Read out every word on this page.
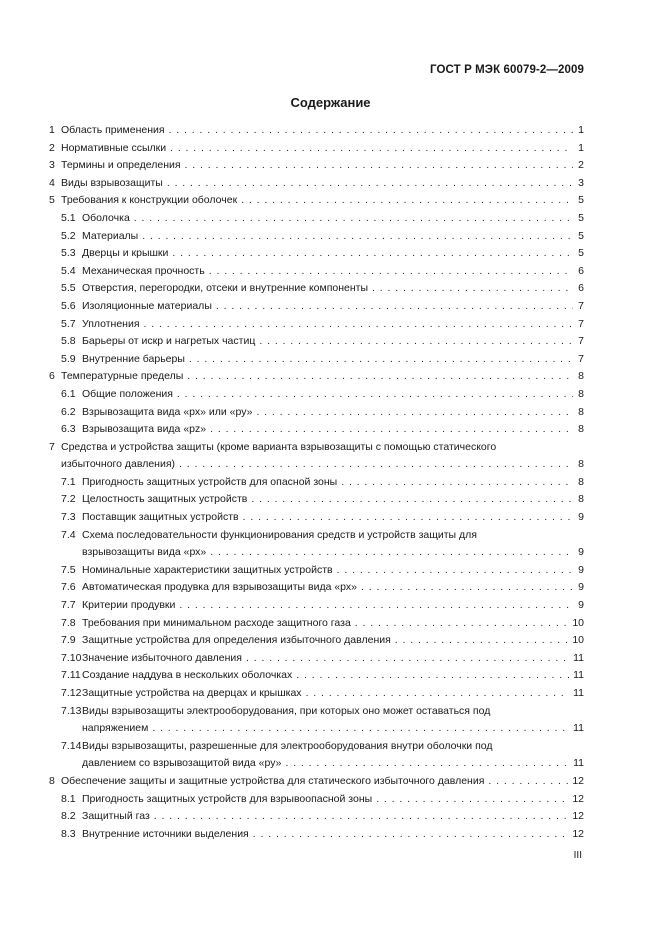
ГОСТ Р МЭК 60079-2—2009
Содержание
1 Область применения . . .	1
2 Нормативные ссылки . . .	1
3 Термины и определения . . .	2
4 Виды взрывозащиты . . .	3
5 Требования к конструкции оболочек . . .	5
5.1 Оболочка . . .	5
5.2 Материалы . . .	5
5.3 Дверцы и крышки . . .	5
5.4 Механическая прочность . . .	6
5.5 Отверстия, перегородки, отсеки и внутренние компоненты . . .	6
5.6 Изоляционные материалы . . .	7
5.7 Уплотнения . . .	7
5.8 Барьеры от искр и нагретых частиц . . .	7
5.9 Внутренние барьеры . . .	7
6 Температурные пределы . . .	8
6.1 Общие положения . . .	8
6.2 Взрывозащита вида «рх» или «ру» . . .	8
6.3 Взрывозащита вида «pz» . . .	8
7 Средства и устройства защиты (кроме варианта взрывозащиты с помощью статического
избыточного давления) . . .	8
7.1 Пригодность защитных устройств для опасной зоны . . .	8
7.2 Целостность защитных устройств . . .	8
7.3 Поставщик защитных устройств . . .	9
7.4 Схема последовательности функционирования средств и устройств защиты для
взрывозащиты вида «рх» . . .	9
7.5 Номинальные характеристики защитных устройств . . .	9
7.6 Автоматическая продувка для взрывозащиты вида «рх» . . .	9
7.7 Критерии продувки . . .	9
7.8 Требования при минимальном расходе защитного газа . . .	10
7.9 Защитные устройства для определения избыточного давления . . .	10
7.10 Значение избыточного давления . . .	11
7.11 Создание наддува в нескольких оболочках . . .	11
7.12 Защитные устройства на дверцах и крышках . . .	11
7.13 Виды взрывозащиты электрооборудования, при которых оно может оставаться под
напряжением . . .	11
7.14 Виды взрывозащиты, разрешенные для электрооборудования внутри оболочки под
давлением со взрывозащитой вида «ру» . . .	11
8 Обеспечение защиты и защитные устройства для статического избыточного давления . . .	12
8.1 Пригодность защитных устройств для взрывоопасной зоны . . .	12
8.2 Защитный газ . . .	12
8.3 Внутренние источники выделения . . .	12
III
